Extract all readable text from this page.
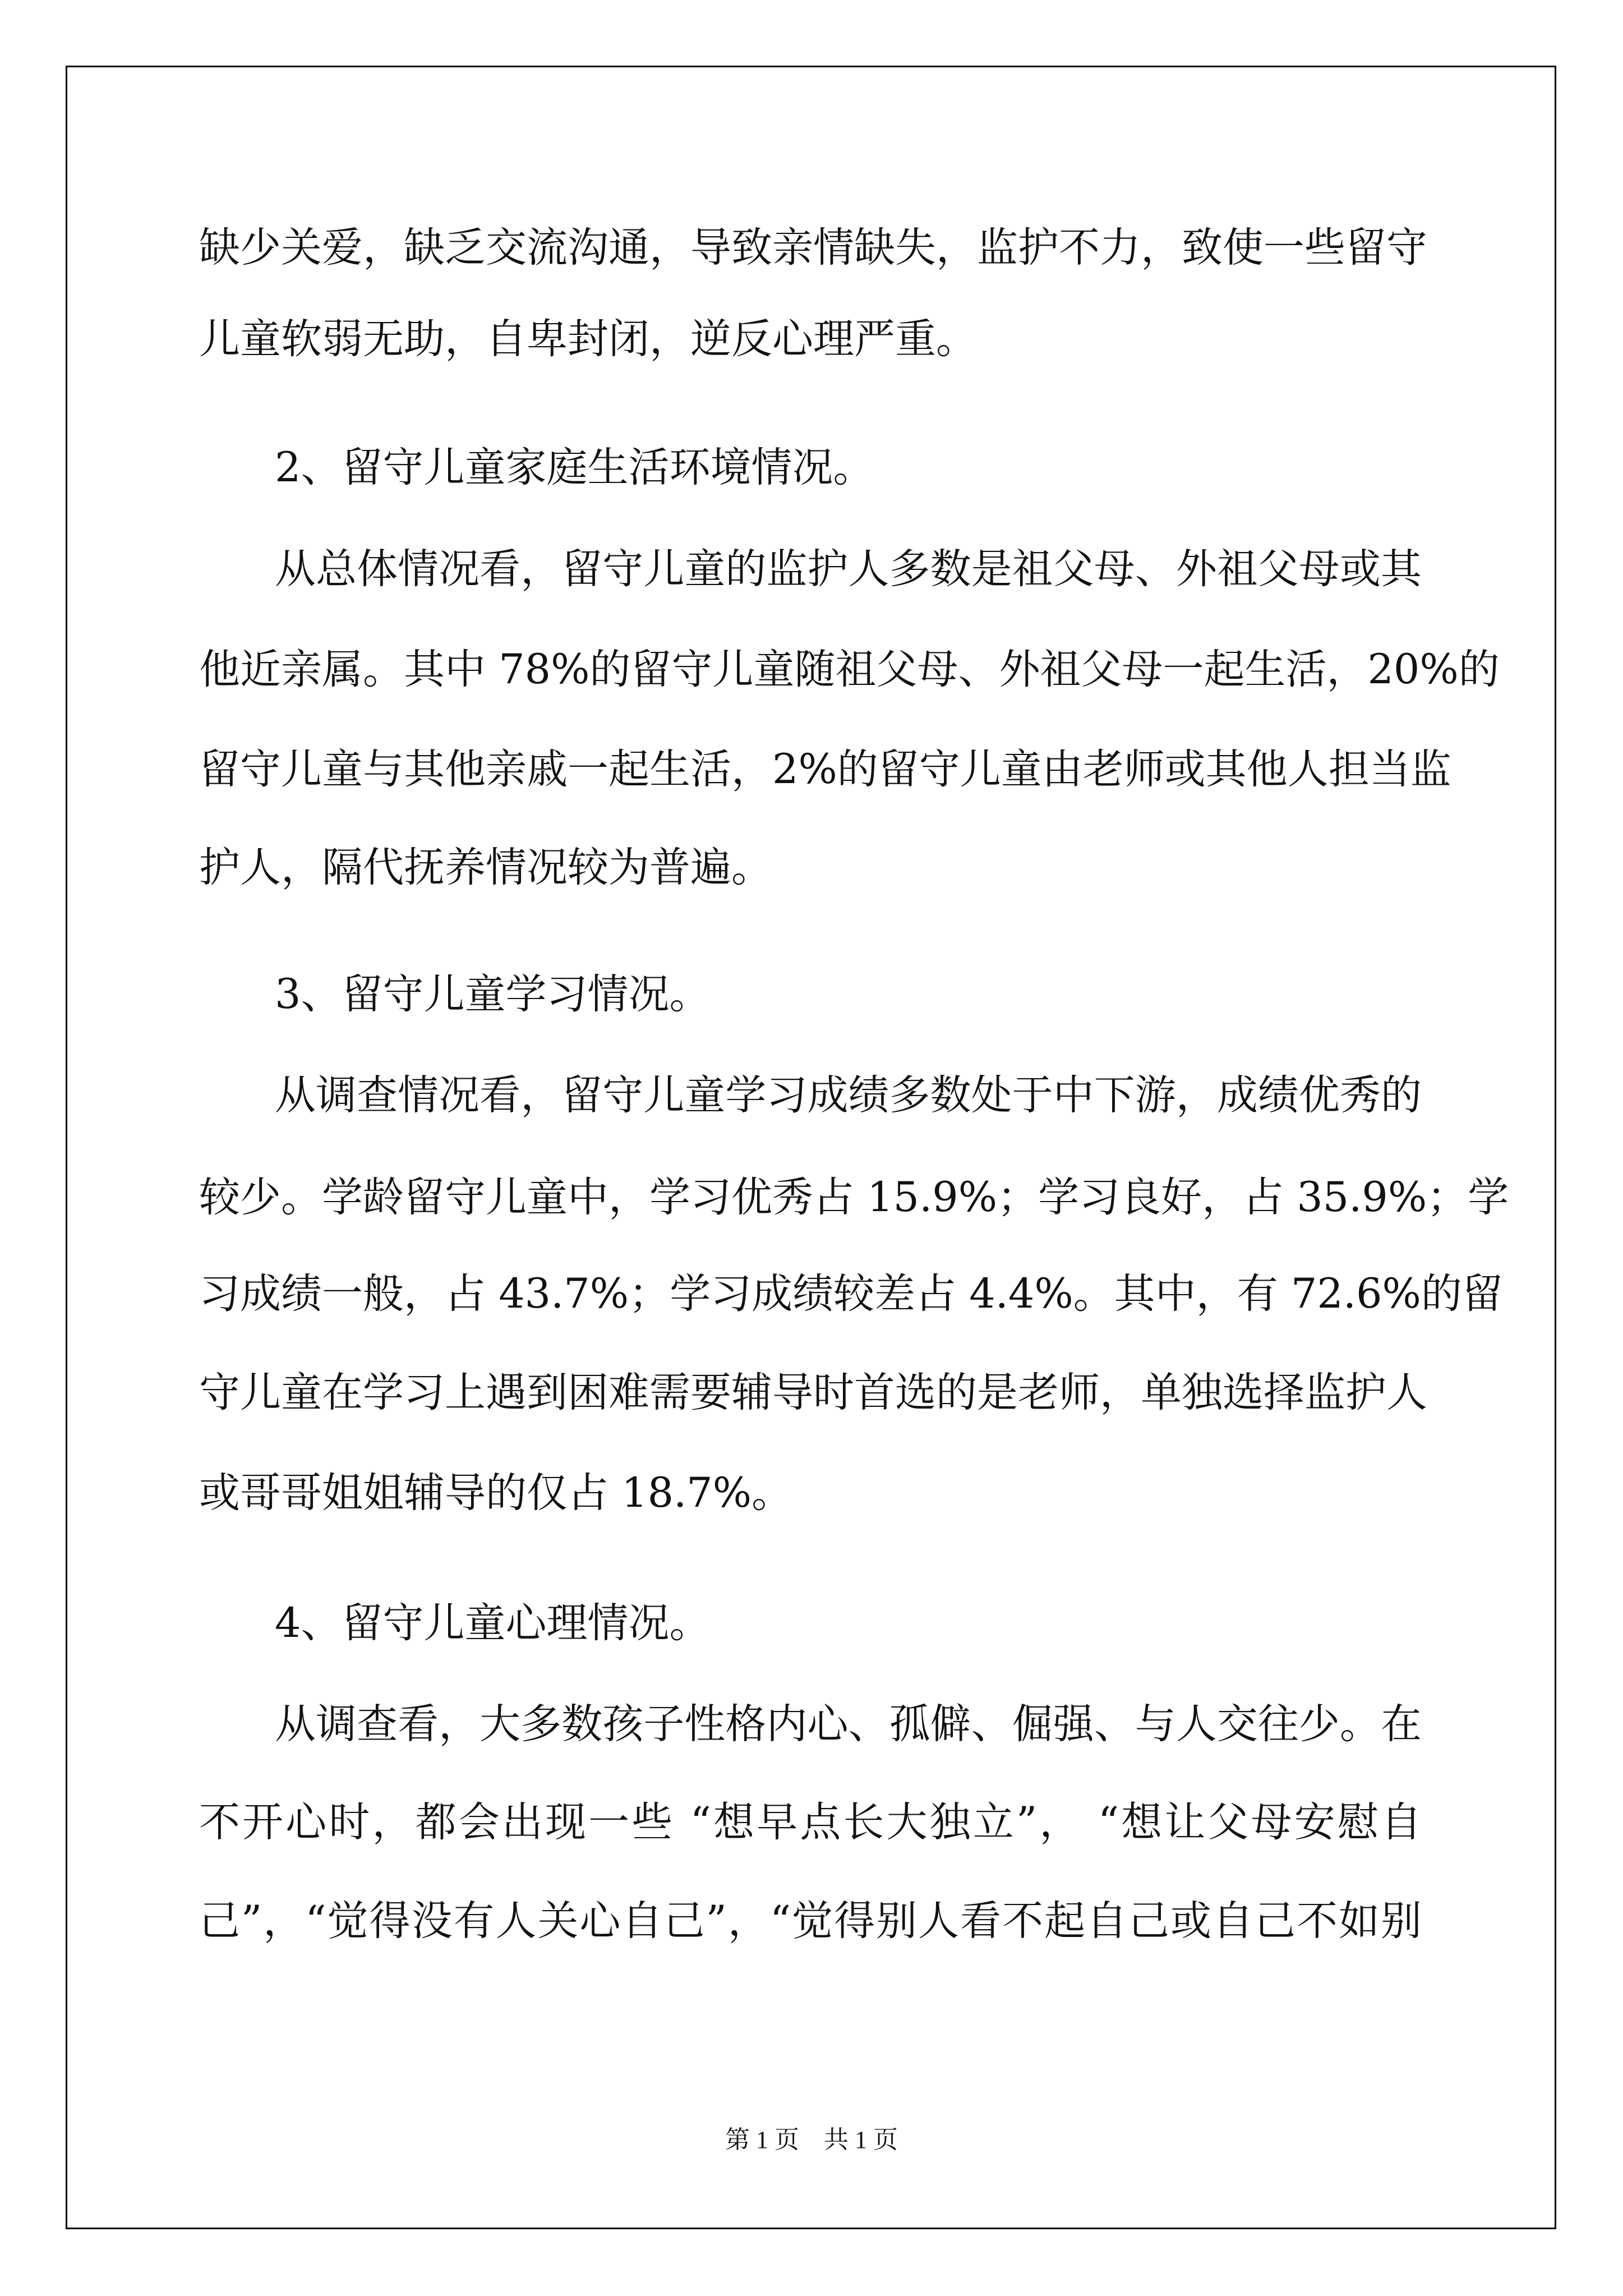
缺少关爱，缺乏交流沟通，导致亲情缺失，监护不力，致使一些留守
儿童软弱无助，自卑封闭，逆反心理严重。
2、留守儿童家庭生活环境情况。
从总体情况看，留守儿童的监护人多数是祖父母、外祖父母或其
他近亲属。其中 78%的留守儿童随祖父母、外祖父母一起生活，20%的
留守儿童与其他亲戚一起生活，2%的留守儿童由老师或其他人担当监
护人，隔代抚养情况较为普遍。
3、留守儿童学习情况。
从调查情况看，留守儿童学习成绩多数处于中下游，成绩优秀的
较少。学龄留守儿童中，学习优秀占 15.9%；学习良好，占 35.9%；学
习成绩一般，占 43.7%；学习成绩较差占 4.4%。其中，有 72.6%的留
守儿童在学习上遇到困难需要辅导时首选的是老师，单独选择监护人
或哥哥姐姐辅导的仅占 18.7%。
4、留守儿童心理情况。
从调查看，大多数孩子性格内心、孤僻、倔强、与人交往少。在
不开心时，都会出现一些 “想早点长大独立”， “想让父母安慰自
己”，“觉得没有人关心自己”，“觉得别人看不起自己或自己不如别
第 1 页　共 1 页
